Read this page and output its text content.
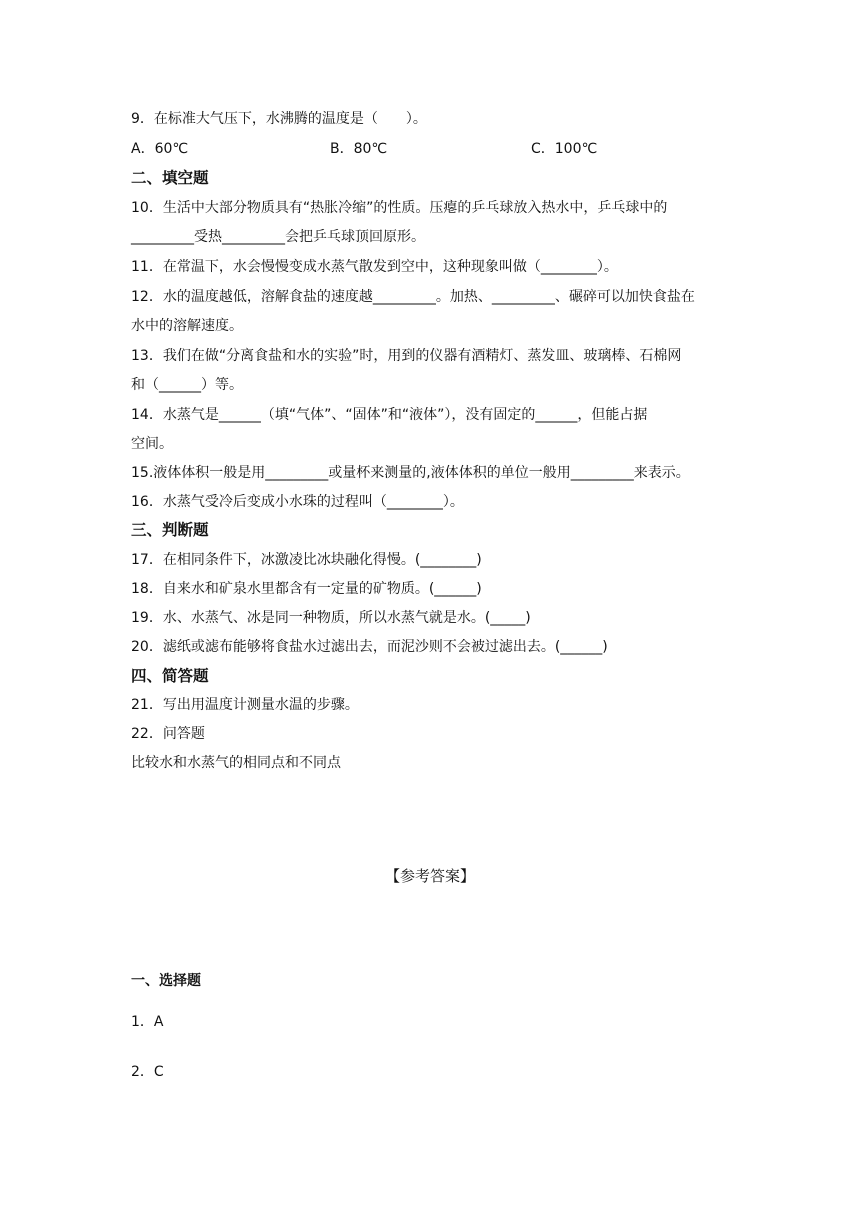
9．在标准大气压下，水沸腾的温度是（　　）。
A．60℃	B．80℃	C．100℃
二、填空题
10．生活中大部分物质具有“热胀冷缩”的性质。压瘪的乒乓球放入热水中，乒乓球中的
_________受热_________会把乒乓球顶回原形。
11．在常温下，水会慢慢变成水蒸气散发到空中，这种现象叫做（________）。
12．水的温度越低，溶解食盐的速度越_________。加热、_________、碾碎可以加快食盐在
水中的溶解速度。
13．我们在做“分离食盐和水的实验”时，用到的仪器有酒精灯、蒸发皿、玻璃棒、石棉网
和（______）等。
14．水蒸气是______（填“气体”、“固体”和“液体”），没有固定的______，但能占据
空间。
15.液体体积一般是用_________或量杯来测量的,液体体积的单位一般用_________来表示。
16．水蒸气受冷后变成小水珠的过程叫（________）。
三、判断题
17．在相同条件下，冰激凌比冰块融化得慢。(________)
18．自来水和矿泉水里都含有一定量的矿物质。(______)
19．水、水蒸气、冰是同一种物质，所以水蒸气就是水。(_____)
20．滤纸或滤布能够将食盐水过滤出去，而泥沙则不会被过滤出去。(______)
四、简答题
21．写出用温度计测量水温的步骤。
22．问答题
比较水和水蒸气的相同点和不同点
【参考答案】
一、选择题
1．A
2．C
